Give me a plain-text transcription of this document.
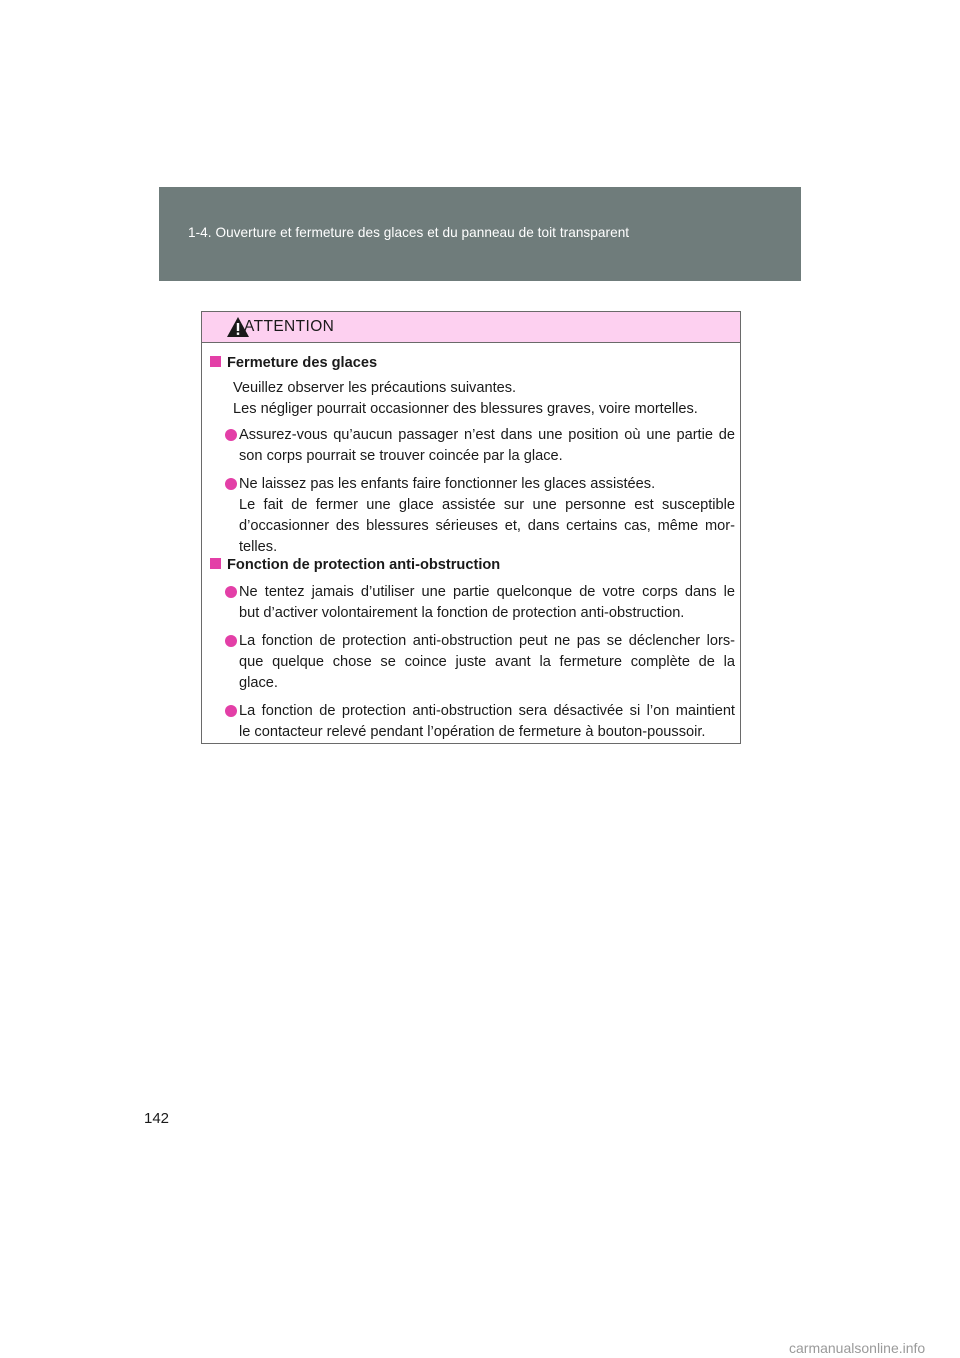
1-4. Ouverture et fermeture des glaces et du panneau de toit transparent
ATTENTION
Fermeture des glaces
Veuillez observer les précautions suivantes.
Les négliger pourrait occasionner des blessures graves, voire mortelles.
Assurez-vous qu’aucun passager n’est dans une position où une partie de
son corps pourrait se trouver coincée par la glace.
Ne laissez pas les enfants faire fonctionner les glaces assistées.
Le fait de fermer une glace assistée sur une personne est susceptible
d’occasionner des blessures sérieuses et, dans certains cas, même mor-
telles.
Fonction de protection anti-obstruction
Ne tentez jamais d’utiliser une partie quelconque de votre corps dans le
but d’activer volontairement la fonction de protection anti-obstruction.
La fonction de protection anti-obstruction peut ne pas se déclencher lors-
que quelque chose se coince juste avant la fermeture complète de la
glace.
La fonction de protection anti-obstruction sera désactivée si l’on maintient
le contacteur relevé pendant l’opération de fermeture à bouton-poussoir.
142
carmanualsonline.info
